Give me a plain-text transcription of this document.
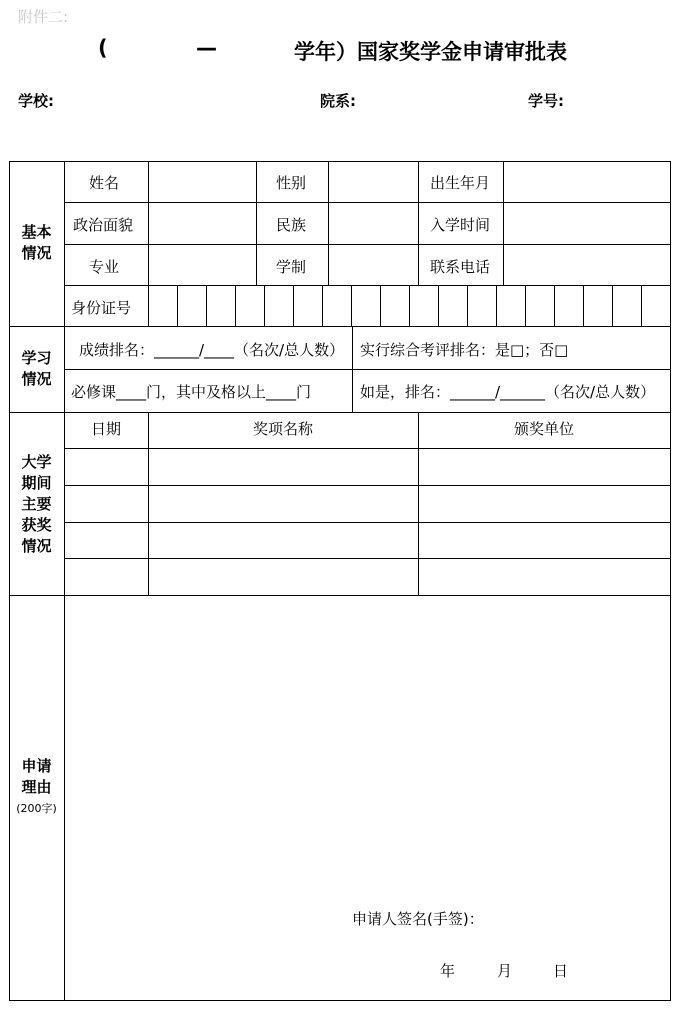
附件二:
(	—	学年）国家奖学金申请审批表
学校:	院系:	学号:
基本
情况
姓名	性别	出生年月
政治面貌	民族	入学时间
专业	学制	联系电话
身份证号
学习
情况
成绩排名：______/____（名次/总人数） 实行综合考评排名：是□；否□
必修课____门，其中及格以上____门	如是，排名：______/______（名次/总人数）
大学
期间
主要
获奖
情况
日期	奖项名称	颁奖单位
申请
理由
(200字)
申请人签名(手签)：
年	月	日
